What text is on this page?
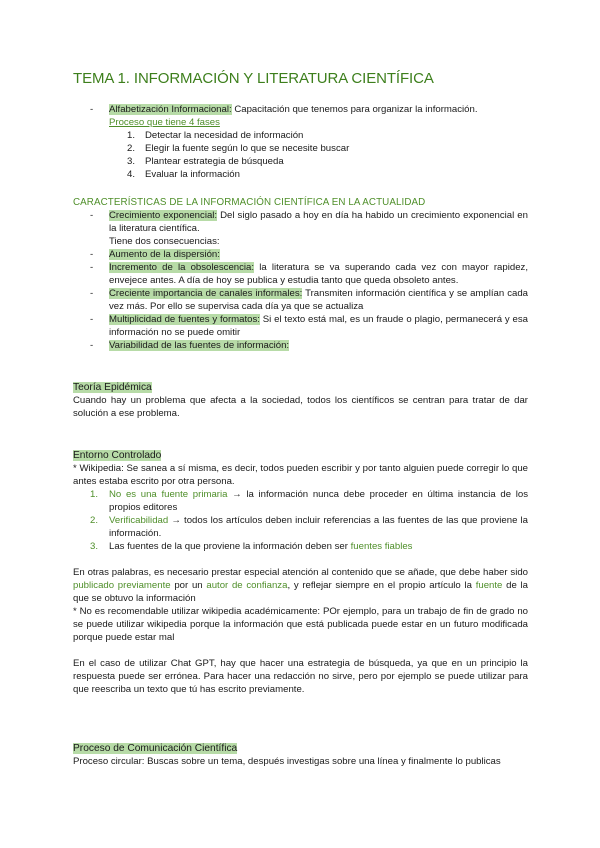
TEMA 1. INFORMACIÓN Y LITERATURA CIENTÍFICA
- Alfabetización Informacional: Capacitación que tenemos para organizar la información.
Proceso que tiene 4 fases
1. Detectar la necesidad de información
2. Elegir la fuente según lo que se necesite buscar
3. Plantear estrategia de búsqueda
4. Evaluar la información
CARACTERÍSTICAS DE LA INFORMACIÓN CIENTÍFICA EN LA ACTUALIDAD
- Crecimiento exponencial: Del siglo pasado a hoy en día ha habido un crecimiento exponencial en la literatura científica.
Tiene dos consecuencias:
- Aumento de la dispersión:
- Incremento de la obsolescencia: la literatura se va superando cada vez con mayor rapidez, envejece antes. A día de hoy se publica y estudia tanto que queda obsoleto antes.
- Creciente importancia de canales informales: Transmiten información científica y se amplían cada vez más. Por ello se supervisa cada día ya que se actualiza
- Multiplicidad de fuentes y formatos: Si el texto está mal, es un fraude o plagio, permanecerá y esa información no se puede omitir
- Variabilidad de las fuentes de información:
Teoría Epidémica
Cuando hay un problema que afecta a la sociedad, todos los científicos se centran para tratar de dar solución a ese problema.
Entorno Controlado
* Wikipedia: Se sanea a sí misma, es decir, todos pueden escribir y por tanto alguien puede corregir lo que antes estaba escrito por otra persona.
1. No es una fuente primaria → la información nunca debe proceder en última instancia de los propios editores
2. Verificabilidad → todos los artículos deben incluir referencias a las fuentes de las que proviene la información.
3. Las fuentes de la que proviene la información deben ser fuentes fiables
En otras palabras, es necesario prestar especial atención al contenido que se añade, que debe haber sido publicado previamente por un autor de confianza, y reflejar siempre en el propio artículo la fuente de la que se obtuvo la información
* No es recomendable utilizar wikipedia académicamente: POr ejemplo, para un trabajo de fin de grado no se puede utilizar wikipedia porque la información que está publicada puede estar en un futuro modificada porque puede estar mal
En el caso de utilizar Chat GPT, hay que hacer una estrategia de búsqueda, ya que en un principio la respuesta puede ser errónea. Para hacer una redacción no sirve, pero por ejemplo se puede utilizar para que reescriba un texto que tú has escrito previamente.
Proceso de Comunicación Científica
Proceso circular: Buscas sobre un tema, después investigas sobre una línea y finalmente lo publicas
